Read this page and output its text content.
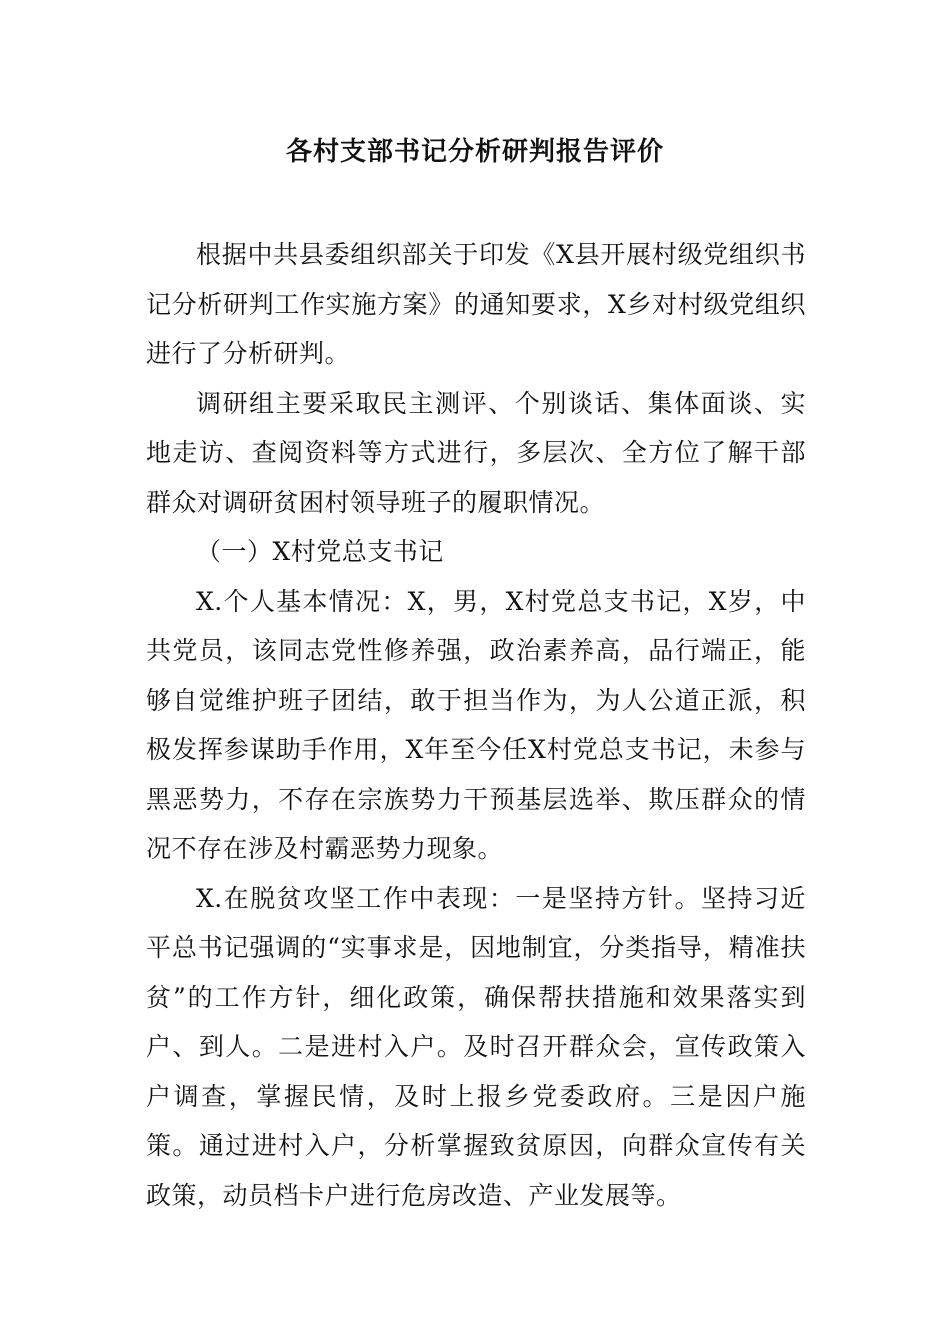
各村支部书记分析研判报告评价

根据中共县委组织部关于印发《X县开展村级党组织书记分析研判工作实施方案》的通知要求，X乡对村级党组织进行了分析研判。

调研组主要采取民主测评、个别谈话、集体面谈、实地走访、查阅资料等方式进行，多层次、全方位了解干部群众对调研贫困村领导班子的履职情况。

（一）X村党总支书记

X.个人基本情况：X，男，X村党总支书记，X岁，中共党员，该同志党性修养强，政治素养高，品行端正，能够自觉维护班子团结，敢于担当作为，为人公道正派，积极发挥参谋助手作用，X年至今任X村党总支书记，未参与黑恶势力，不存在宗族势力干预基层选举、欺压群众的情况不存在涉及村霸恶势力现象。

X.在脱贫攻坚工作中表现：一是坚持方针。坚持习近平总书记强调的“实事求是，因地制宜，分类指导，精准扶贫”的工作方针，细化政策，确保帮扶措施和效果落实到户、到人。二是进村入户。及时召开群众会，宣传政策入户调查，掌握民情，及时上报乡党委政府。三是因户施策。通过进村入户，分析掌握致贫原因，向群众宣传有关政策，动员档卡户进行危房改造、产业发展等。
